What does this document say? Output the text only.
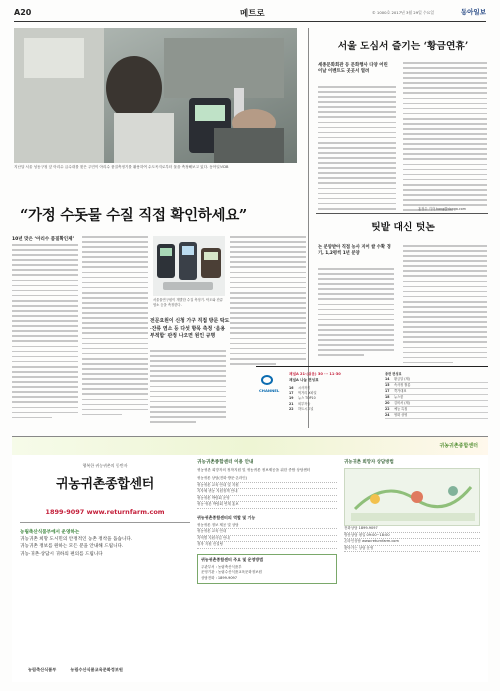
A20	메트로	© 1000호 2017년 3월 29일 수요일	동아일보
지난달 서울 성동구청 앞 아리수 급수대를 찾은 주민이 아리수 품질측정기를 활용하여 수도꼭지로부터 물을 측정해보고 있다. 동아일보DB
“가정 수돗물 수질 직접 확인하세요”
10년 맞은 ‘아리수 품질확인제’
서울물연구원이 개발한 수질 측정기. 탁도와 잔류염소 등을 측정한다.
전문요원이 신청 가구 직접 방문 탁도·잔류 염소 등 다섯 항목 측정 ‘음용 부적합’ 판정 나오면 원인 규명
서울 도심서 즐기는 ‘황금연휴’
세종문화회관 등 문화행사 다양 어린이날 이벤트도 곳곳서 열려
홍정수 기자 hong@donga.com
팃밭 대신 텃논
논 분양받아 직접 농사 지어 쌀 수확 경기, 1,2평씩 1년 분양
CHANNEL
채널A 21·(쉬운) 30 ··· 11·30
채널A 나눔 편성표
16	시사자키
17	먹거리 X파일
19	뉴스 TOP10
21	외부자들
22	하트시그널
종편 편성표
14	황금알 (재)
15	속사정 쌀롱
17	쿡가대표
18	뉴스룸
20	김비서 (재)
22	예능 특집
24	영화 상영
귀농귀촌종합센터
행복한 귀농귀촌의 동반자
귀농귀촌종합센터
1899-9097 www.returnfarm.com
농림축산식품부에서 운영하는
귀농귀촌 희망 도시민의 안정적인 농촌 정착을 돕습니다.
귀농귀촌 정보를 원하는 모든 분을 안내해 드립니다.
귀농·귀촌·상담시 귀하의 편의를 드립니다
농림축산식품부	농림수산식품교육문화정보원
귀농귀촌종합센터 이용 안내
귀농귀촌 희망자의 정착지원 및 귀농귀촌 정보제공을 위한 종합 상담센터
귀농귀촌 상담(전화·방문·온라인)
귀농귀촌 교육 안내 및 지원
지자체 귀농 지원정책 안내
귀농귀촌 박람회 운영
귀농·귀촌 박람회 연계 홍보
귀농귀촌종합센터의 역할 및 기능
귀농귀촌 정보 제공 및 상담
귀농귀촌 교육 안내
지역별 지원사업 안내
정착 지원 컨설팅
귀농귀촌종합센터 주요 및 운영방법
주관부서 : 농림축산식품부
운영기관 : 농림수산식품교육문화정보원
상담전화 : 1899-9097
귀농귀촌 희망자 상담방법
전화상담 1899-9097
방문상담 평일 09:00~18:00
온라인상담 www.returnfarm.com
찾아가는 상담 운영
